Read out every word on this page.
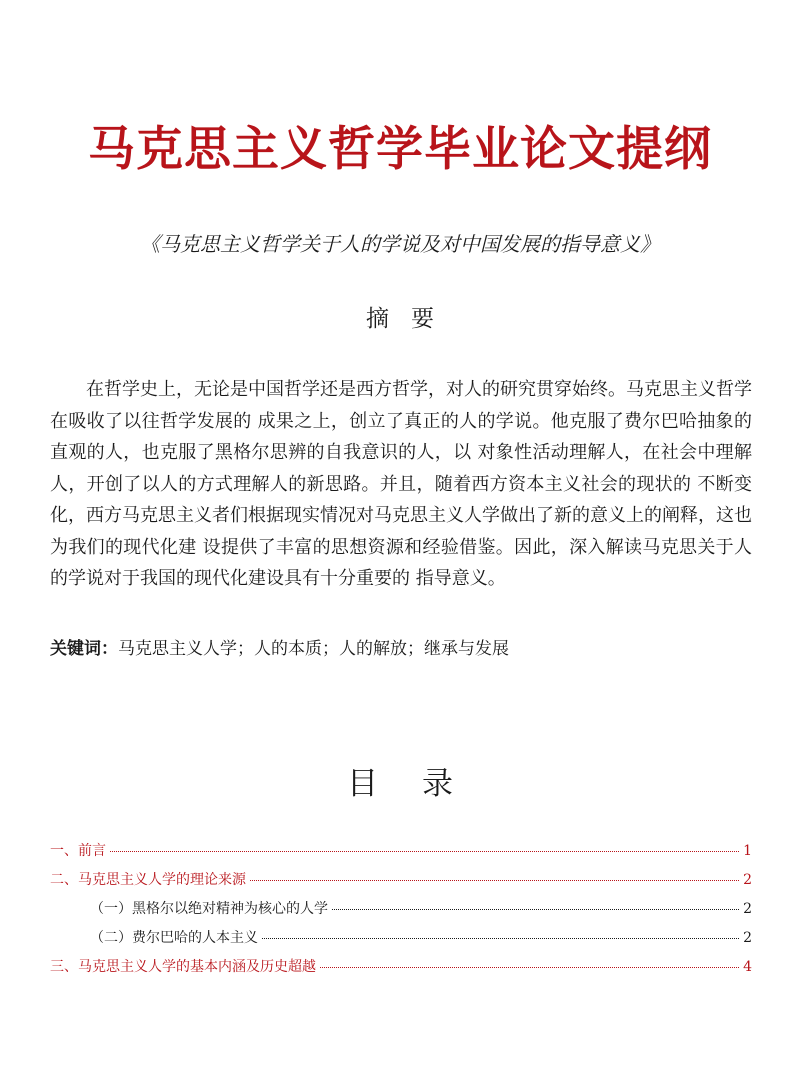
马克思主义哲学毕业论文提纲
《马克思主义哲学关于人的学说及对中国发展的指导意义》
摘要
在哲学史上，无论是中国哲学还是西方哲学，对人的研究贯穿始终。马克思主义哲学在吸收了以往哲学发展的 成果之上，创立了真正的人的学说。他克服了费尔巴哈抽象的直观的人，也克服了黑格尔思辨的自我意识的人，以 对象性活动理解人，在社会中理解人，开创了以人的方式理解人的新思路。并且，随着西方资本主义社会的现状的 不断变化，西方马克思主义者们根据现实情况对马克思主义人学做出了新的意义上的阐释，这也为我们的现代化建 设提供了丰富的思想资源和经验借鉴。因此，深入解读马克思关于人的学说对于我国的现代化建设具有十分重要的 指导意义。
关键词：马克思主义人学；人的本质；人的解放；继承与发展
目录
一、前言	1
二、马克思主义人学的理论来源	2
（一）黑格尔以绝对精神为核心的人学	2
（二）费尔巴哈的人本主义	2
三、马克思主义人学的基本内涵及历史超越	4
